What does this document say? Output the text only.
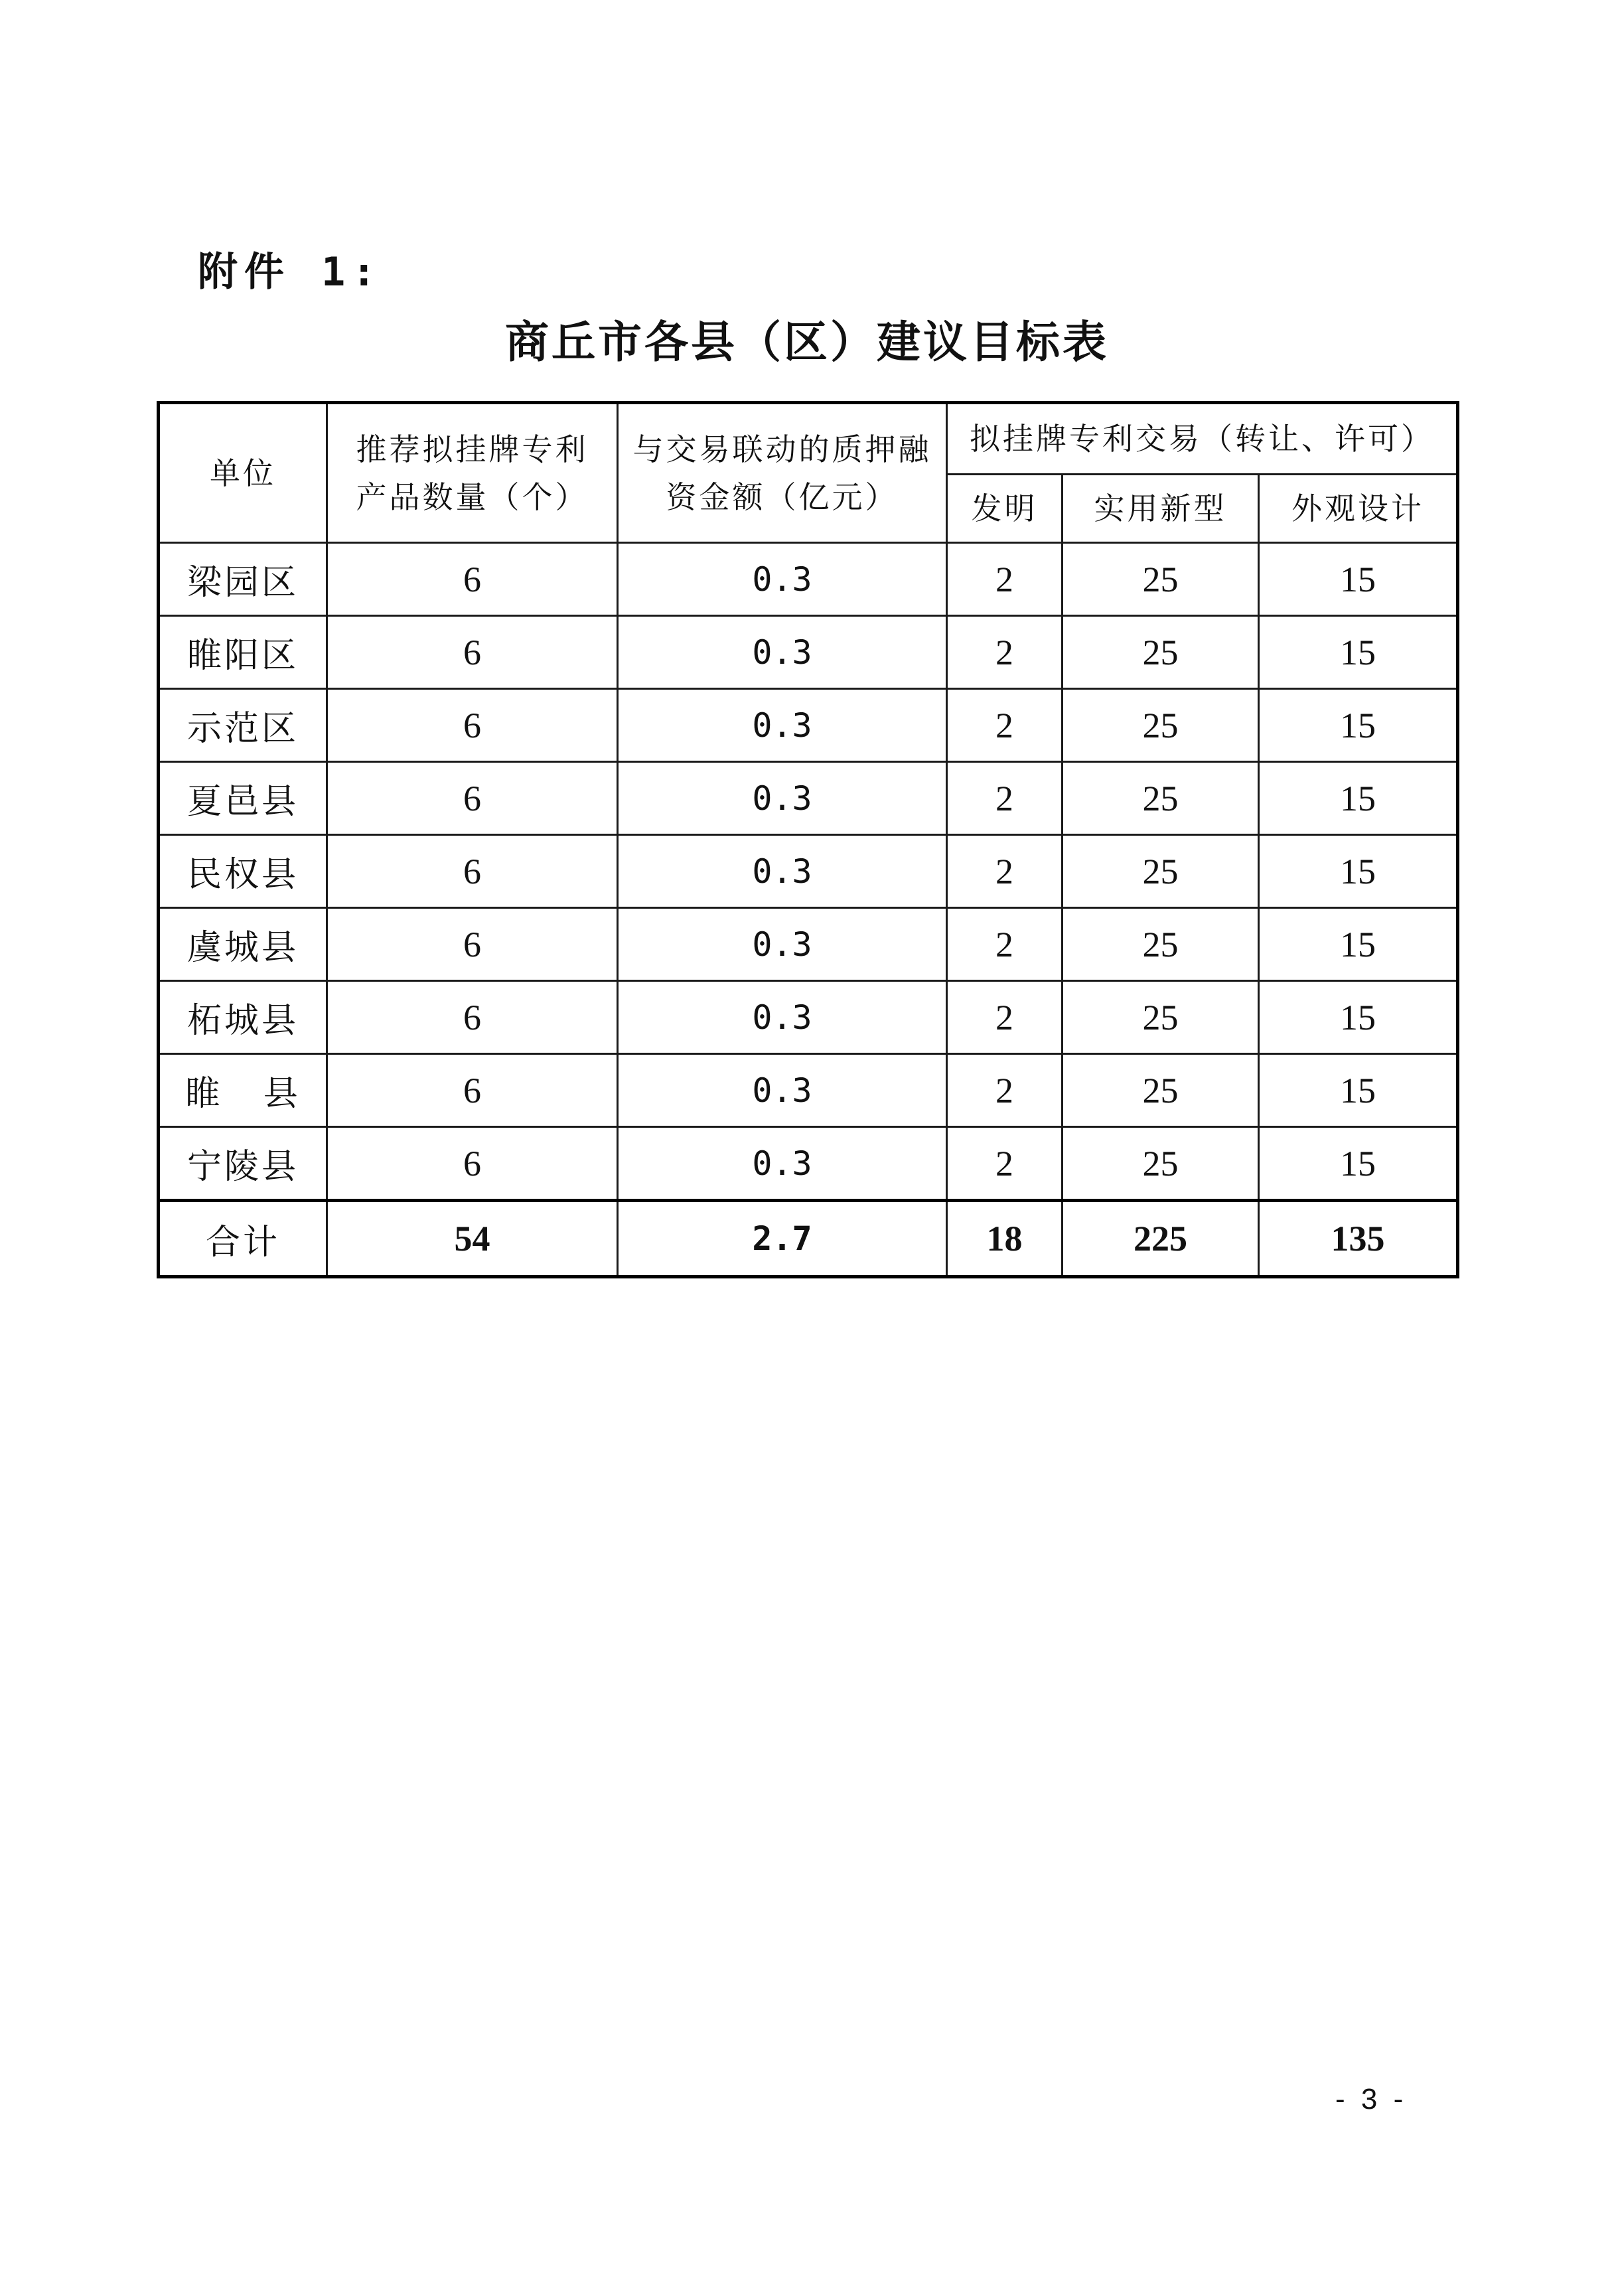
附件 1:
商丘市各县（区）建议目标表
单位	推荐拟挂牌专利产品数量（个）	与交易联动的质押融资金额（亿元）	拟挂牌专利交易（转让、许可）		
			发明	实用新型	外观设计
梁园区	6	0.3	2	25	15
睢阳区	6	0.3	2	25	15
示范区	6	0.3	2	25	15
夏邑县	6	0.3	2	25	15
民权县	6	0.3	2	25	15
虞城县	6	0.3	2	25	15
柘城县	6	0.3	2	25	15
睢   县	6	0.3	2	25	15
宁陵县	6	0.3	2	25	15
合计	54	2.7	18	225	135
- 3 -
